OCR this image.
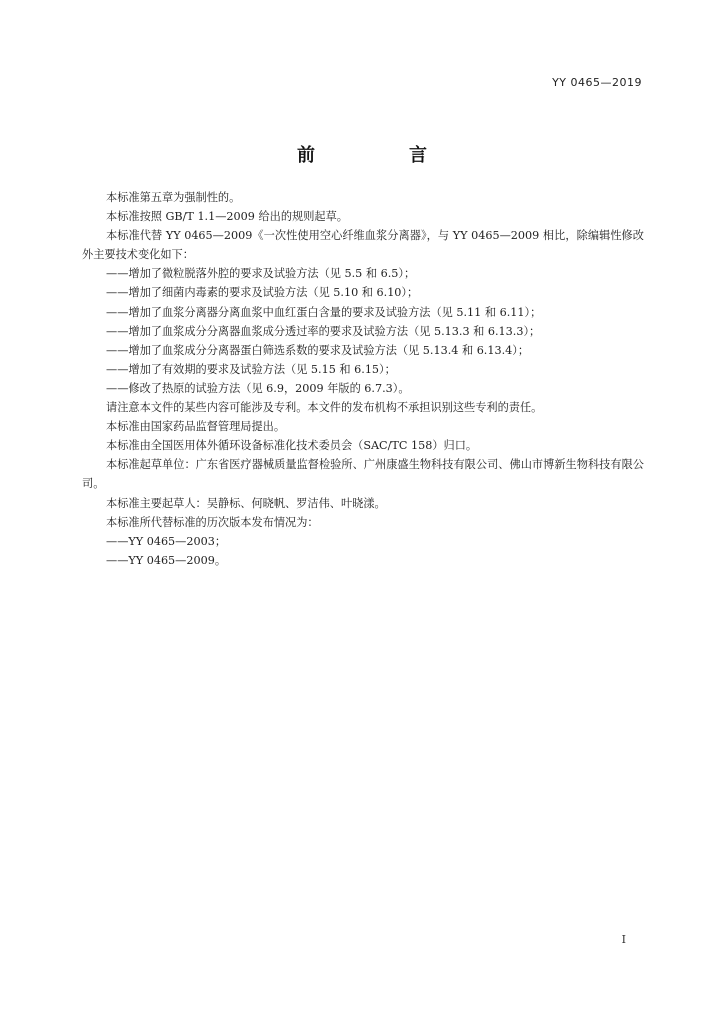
YY 0465—2019
前　言

本标准第五章为强制性的。

本标准按照 GB/T 1.1—2009 给出的规则起草。

本标准代替 YY 0465—2009《一次性使用空心纤维血浆分离器》，与 YY 0465—2009 相比，除编辑性修改外主要技术变化如下：

——增加了微粒脱落外腔的要求及试验方法（见 5.5 和 6.5）；

——增加了细菌内毒素的要求及试验方法（见 5.10 和 6.10）；

——增加了血浆分离器分离血浆中血红蛋白含量的要求及试验方法（见 5.11 和 6.11）；

——增加了血浆成分分离器血浆成分透过率的要求及试验方法（见 5.13.3 和 6.13.3）；

——增加了血浆成分分离器蛋白筛选系数的要求及试验方法（见 5.13.4 和 6.13.4）；

——增加了有效期的要求及试验方法（见 5.15 和 6.15）；

——修改了热原的试验方法（见 6.9，2009 年版的 6.7.3）。

请注意本文件的某些内容可能涉及专利。本文件的发布机构不承担识别这些专利的责任。

本标准由国家药品监督管理局提出。

本标准由全国医用体外循环设备标准化技术委员会（SAC/TC 158）归口。

本标准起草单位：广东省医疗器械质量监督检验所、广州康盛生物科技有限公司、佛山市博新生物科技有限公司。

本标准主要起草人：吴静标、何晓帆、罗洁伟、叶晓漾。

本标准所代替标准的历次版本发布情况为：

——YY 0465—2003；

——YY 0465—2009。

I
